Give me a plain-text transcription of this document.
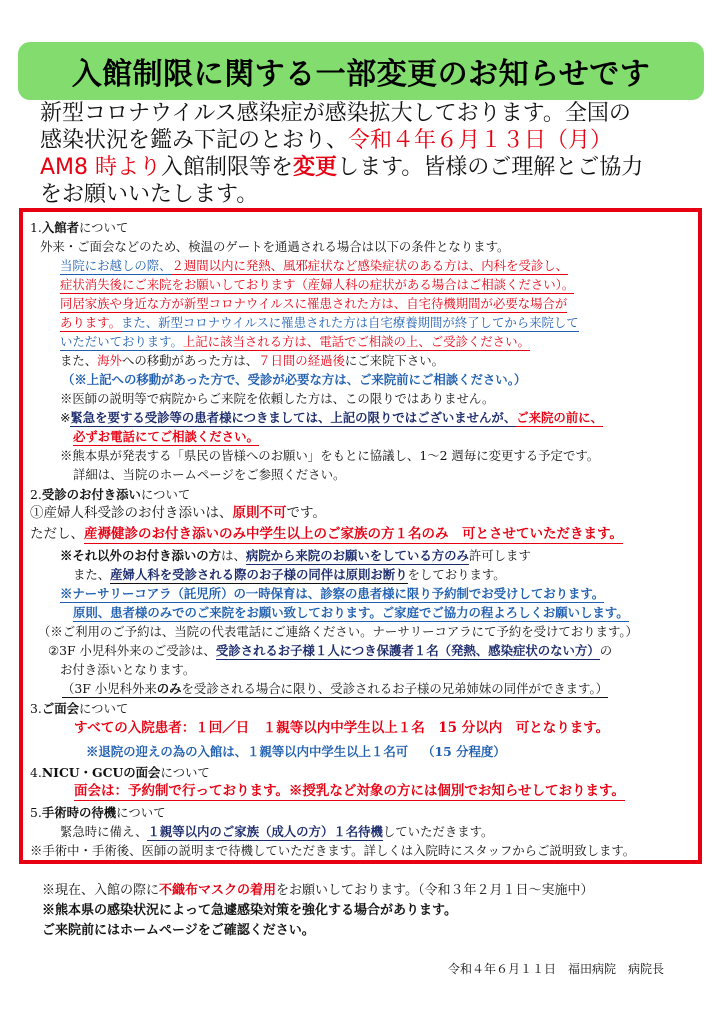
入館制限に関する一部変更のお知らせです
新型コロナウイルス感染症が感染拡大しております。全国の
感染状況を鑑み下記のとおり、令和４年６月１３日（月）
AM8 時より入館制限等を変更します。皆様のご理解とご協力
をお願いいたします。
1.入館者について
外来・ご面会などのため、検温のゲートを通過される場合は以下の条件となります。
当院にお越しの際、２週間以内に発熱、風邪症状など感染症状のある方は、内科を受診し、
症状消失後にご来院をお願いしております（産婦人科の症状がある場合はご相談ください）。
同居家族や身近な方が新型コロナウイルスに罹患された方は、自宅待機期間が必要な場合が
あります。また、新型コロナウイルスに罹患された方は自宅療養期間が終了してから来院して
いただいております。上記に該当される方は、電話でご相談の上、ご受診ください。
また、海外への移動があった方は、７日間の経過後にご来院下さい。
（※上記への移動があった方で、受診が必要な方は、ご来院前にご相談ください。）
※医師の説明等で病院からご来院を依頼した方は、この限りではありません。
※緊急を要する受診等の患者様につきましては、上記の限りではございませんが、ご来院の前に、
必ずお電話にてご相談ください。
※熊本県が発表する「県民の皆様へのお願い」をもとに協議し、1～2 週毎に変更する予定です。
詳細は、当院のホームページをご参照ください。
2.受診のお付き添いについて
①産婦人科受診のお付き添いは、原則不可です。
ただし、産褥健診のお付き添いのみ中学生以上のご家族の方１名のみ　可とさせていただきます。
※それ以外のお付き添いの方は、病院から来院のお願いをしている方のみ許可します
また、産婦人科を受診される際のお子様の同伴は原則お断りをしております。
※ナーサリーコアラ（託児所）の一時保育は、診察の患者様に限り予約制でお受けしております。
原則、患者様のみでのご来院をお願い致しております。ご家庭でご協力の程よろしくお願いします。
（※ご利用のご予約は、当院の代表電話にご連絡ください。ナーサリーコアラにて予約を受けております。）
②3F 小児科外来のご受診は、受診されるお子様１人につき保護者１名（発熱、感染症状のない方）の
お付き添いとなります。
（3F 小児科外来のみを受診される場合に限り、受診されるお子様の兄弟姉妹の同伴ができます。）
3.ご面会について
すべての入院患者：１回／日　１親等以内中学生以上１名　15 分以内　可となります。
※退院の迎えの為の入館は、１親等以内中学生以上１名可 （15 分程度）
4.NICU・GCUの面会について
面会は：予約制で行っております。※授乳など対象の方には個別でお知らせしております。
5.手術時の待機について
緊急時に備え、１親等以内のご家族（成人の方）１名待機していただきます。
※手術中・手術後、医師の説明まで待機していただきます。詳しくは入院時にスタッフからご説明致します。
※現在、入館の際に不織布マスクの着用をお願いしております。（令和３年２月１日～実施中）
※熊本県の感染状況によって急遽感染対策を強化する場合があります。
ご来院前にはホームページをご確認ください。
令和４年６月１１日　福田病院　病院長
